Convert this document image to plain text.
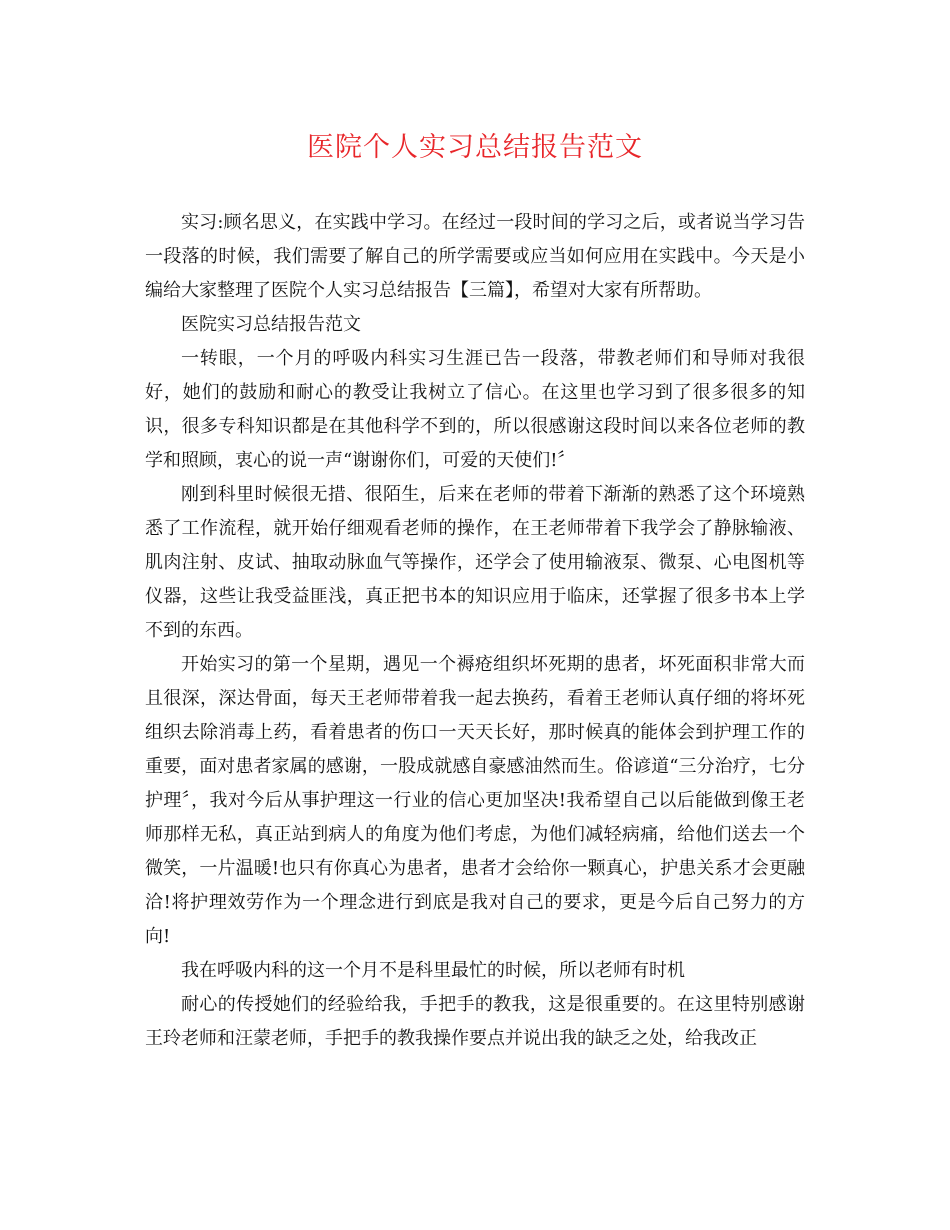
医院个人实习总结报告范文

实习:顾名思义，在实践中学习。在经过一段时间的学习之后，或者说当学习告一段落的时候，我们需要了解自己的所学需要或应当如何应用在实践中。今天是小编给大家整理了医院个人实习总结报告【三篇】，希望对大家有所帮助。

医院实习总结报告范文

一转眼，一个月的呼吸内科实习生涯已告一段落，带教老师们和导师对我很好，她们的鼓励和耐心的教受让我树立了信心。在这里也学习到了很多很多的知识，很多专科知识都是在其他科学不到的，所以很感谢这段时间以来各位老师的教学和照顾，衷心的说一声“谢谢你们，可爱的天使们!〞

刚到科里时候很无措、很陌生，后来在老师的带着下渐渐的熟悉了这个环境熟悉了工作流程，就开始仔细观看老师的操作，在王老师带着下我学会了静脉输液、肌肉注射、皮试、抽取动脉血气等操作，还学会了使用输液泵、微泵、心电图机等仪器，这些让我受益匪浅，真正把书本的知识应用于临床，还掌握了很多书本上学不到的东西。

开始实习的第一个星期，遇见一个褥疮组织坏死期的患者，坏死面积非常大而且很深，深达骨面，每天王老师带着我一起去换药，看着王老师认真仔细的将坏死组织去除消毒上药，看着患者的伤口一天天长好，那时候真的能体会到护理工作的重要，面对患者家属的感谢，一股成就感自豪感油然而生。俗谚道“三分治疗，七分护理〞，我对今后从事护理这一行业的信心更加坚决!我希望自己以后能做到像王老师那样无私，真正站到病人的角度为他们考虑，为他们减轻病痛，给他们送去一个微笑，一片温暖!也只有你真心为患者，患者才会给你一颗真心，护患关系才会更融洽!将护理效劳作为一个理念进行到底是我对自己的要求，更是今后自己努力的方向!

我在呼吸内科的这一个月不是科里最忙的时候，所以老师有时机

耐心的传授她们的经验给我，手把手的教我，这是很重要的。在这里特别感谢王玲老师和汪蒙老师，手把手的教我操作要点并说出我的缺乏之处，给我改正
